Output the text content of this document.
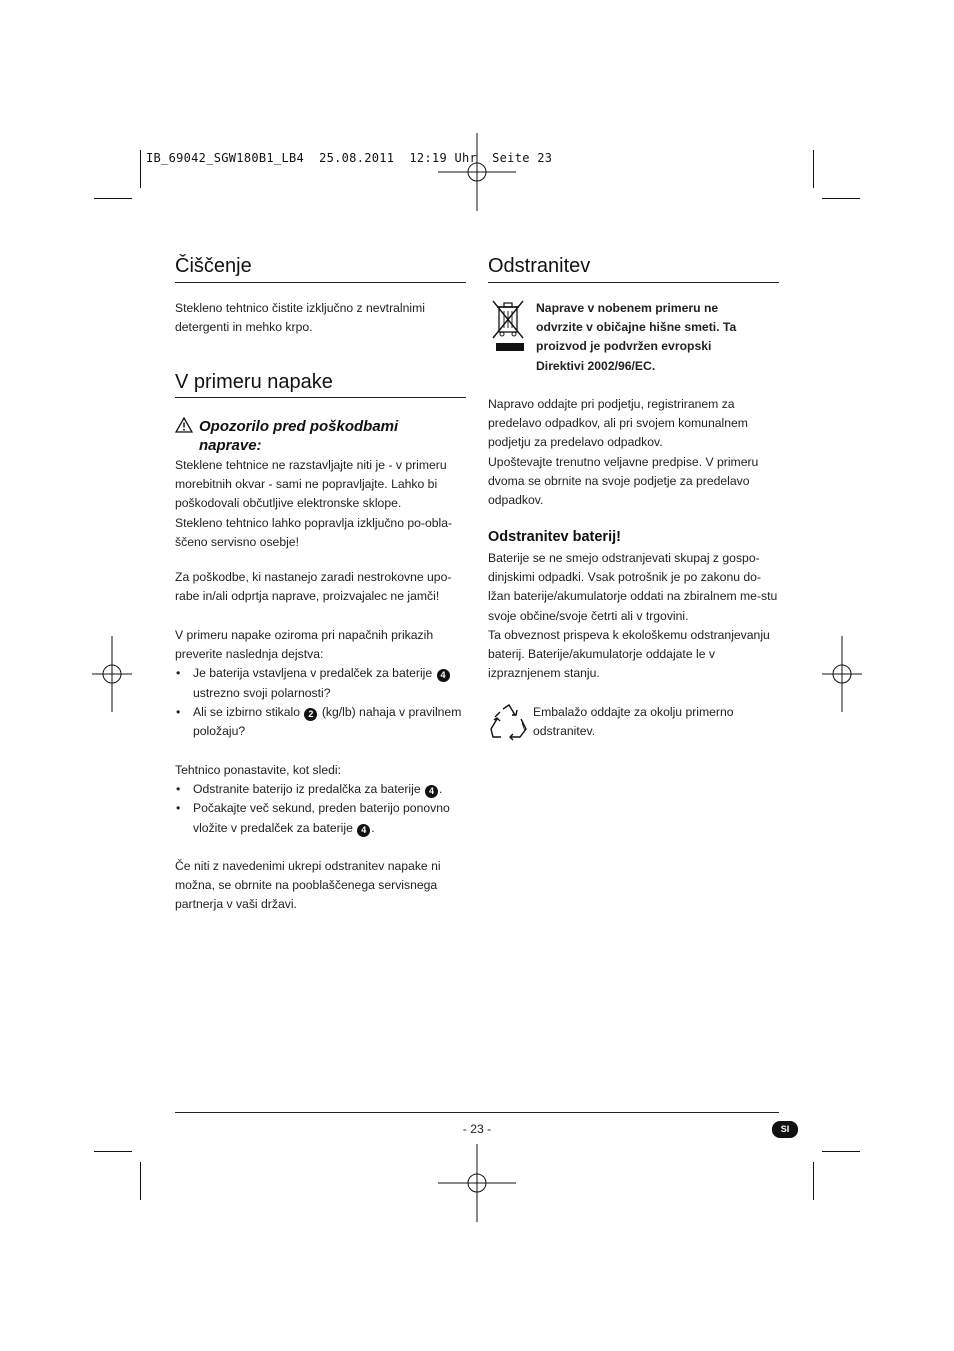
IB_69042_SGW180B1_LB4  25.08.2011  12:19 Uhr  Seite 23
Čiščenje

Stekleno tehtnico čistite izključno z nevtralnimi detergenti in mehko krpo.

V primeru napake

Opozorilo pred poškodbami naprave:

Steklene tehtnice ne razstavljajte niti je - v primeru morebitnih okvar - sami ne popravljajte. Lahko bi poškodovali občutljive elektronske sklope.

Stekleno tehtnico lahko popravlja izključno po-obla-ščeno servisno osebje!

Za poškodbe, ki nastanejo zaradi nestrokovne upo-rabe in/ali odprtja naprave, proizvajalec ne jamči!

V primeru napake oziroma pri napačnih prikazih preverite naslednja dejstva:

• Je baterija vstavljena v predalček za baterije 4 ustrezno svoji polarnosti?
• Ali se izbirno stikalo 2 (kg/lb) nahaja v pravilnem položaju?

Tehtnico ponastavite, kot sledi:

• Odstranite baterijo iz predalčka za baterije 4 .
• Počakajte več sekund, preden baterijo ponovno vložite v predalček za baterije 4 .

Če niti z navedenimi ukrepi odstranitev napake ni možna, se obrnite na pooblaščenega servisnega partnerja v vaši državi.

Odstranitev

Naprave v nobenem primeru ne odvrzite v običajne hišne smeti. Ta proizvod je podvržen evropski Direktivi 2002/96/EC.

Napravo oddajte pri podjetju, registriranem za predelavo odpadkov, ali pri svojem komunalnem podjetju za predelavo odpadkov.

Upoštevajte trenutno veljavne predpise. V primeru dvoma se obrnite na svoje podjetje za predelavo odpadkov.

Odstranitev baterij!

Baterije se ne smejo odstranjevati skupaj z gospo-dinjskimi odpadki. Vsak potrošnik je po zakonu do-lžan baterije/akumulatorje oddati na zbiralnem me-stu svoje občine/svoje četrti ali v trgovini.

Ta obveznost prispeva k ekološkemu odstranjevanju baterij. Baterije/akumulatorje oddajate le v izpraznjenem stanju.

Embalažo oddajte za okolju primerno odstranitev.

- 23 -	SI
